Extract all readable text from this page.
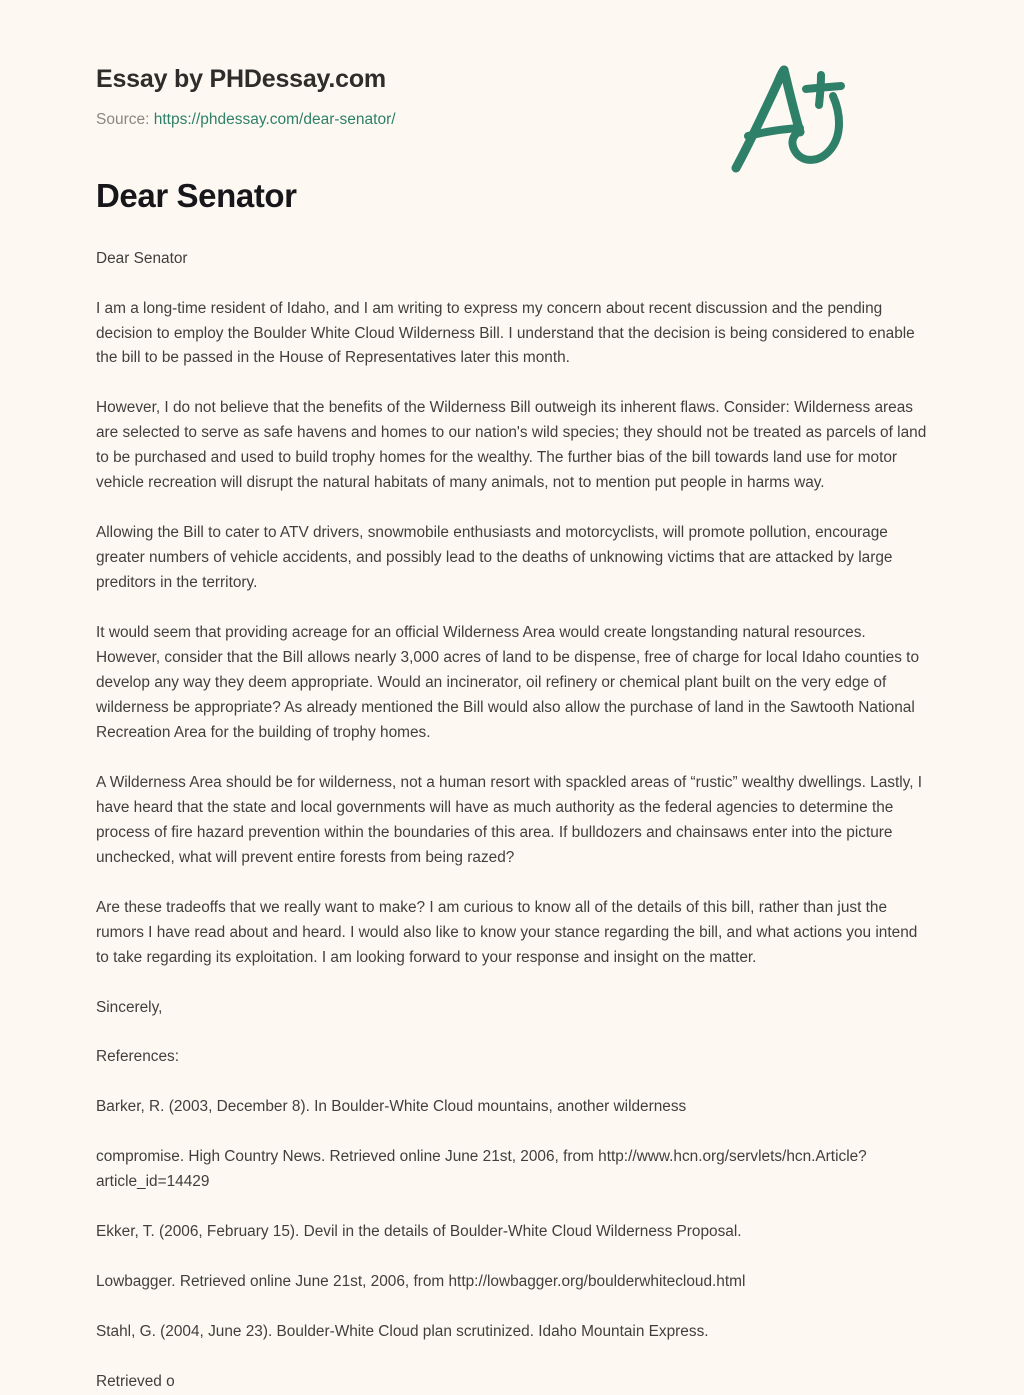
Essay by PHDessay.com
Source: https://phdessay.com/dear-senator/
Dear Senator

Dear Senator

I am a long-time resident of Idaho, and I am writing to express my concern about recent discussion and the pending decision to employ the Boulder White Cloud Wilderness Bill. I understand that the decision is being considered to enable the bill to be passed in the House of Representatives later this month.

However, I do not believe that the benefits of the Wilderness Bill outweigh its inherent flaws. Consider: Wilderness areas are selected to serve as safe havens and homes to our nation's wild species; they should not be treated as parcels of land to be purchased and used to build trophy homes for the wealthy. The further bias of the bill towards land use for motor vehicle recreation will disrupt the natural habitats of many animals, not to mention put people in harms way.

Allowing the Bill to cater to ATV drivers, snowmobile enthusiasts and motorcyclists, will promote pollution, encourage greater numbers of vehicle accidents, and possibly lead to the deaths of unknowing victims that are attacked by large preditors in the territory.

It would seem that providing acreage for an official Wilderness Area would create longstanding natural resources. However, consider that the Bill allows nearly 3,000 acres of land to be dispense, free of charge for local Idaho counties to develop any way they deem appropriate. Would an incinerator, oil refinery or chemical plant built on the very edge of wilderness be appropriate? As already mentioned the Bill would also allow the purchase of land in the Sawtooth National Recreation Area for the building of trophy homes.

A Wilderness Area should be for wilderness, not a human resort with spackled areas of “rustic” wealthy dwellings. Lastly, I have heard that the state and local governments will have as much authority as the federal agencies to determine the process of fire hazard prevention within the boundaries of this area. If bulldozers and chainsaws enter into the picture unchecked, what will prevent entire forests from being razed?

Are these tradeoffs that we really want to make? I am curious to know all of the details of this bill, rather than just the rumors I have read about and heard. I would also like to know your stance regarding the bill, and what actions you intend to take regarding its exploitation. I am looking forward to your response and insight on the matter.

Sincerely,

References:

Barker, R. (2003, December 8). In Boulder-White Cloud mountains, another wilderness

compromise. High Country News. Retrieved online June 21st, 2006, from http://www.hcn.org/servlets/hcn.Article?article_id=14429

Ekker, T. (2006, February 15). Devil in the details of Boulder-White Cloud Wilderness Proposal.

Lowbagger. Retrieved online June 21st, 2006, from http://lowbagger.org/boulderwhitecloud.html

Stahl, G. (2004, June 23). Boulder-White Cloud plan scrutinized. Idaho Mountain Express.

Retrieved o
